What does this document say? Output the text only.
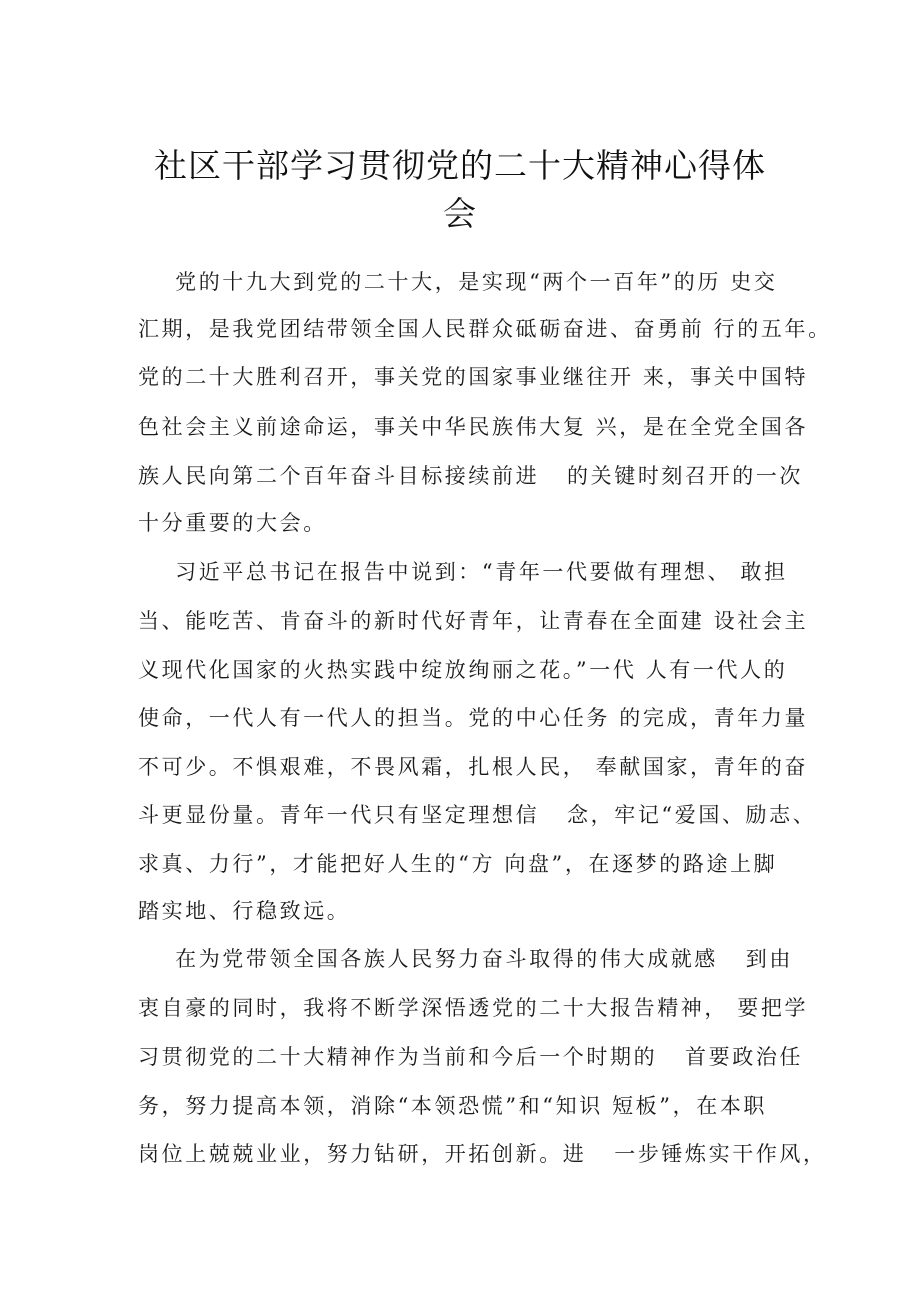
社区干部学习贯彻党的二十大精神心得体
会
党的十九大到党的二十大，是实现“两个一百年”的历 史交
汇期，是我党团结带领全国人民群众砥砺奋进、奋勇前 行的五年。
党的二十大胜利召开，事关党的国家事业继往开 来，事关中国特
色社会主义前途命运，事关中华民族伟大复 兴，是在全党全国各
族人民向第二个百年奋斗目标接续前进   的关键时刻召开的一次
十分重要的大会。
习近平总书记在报告中说到：“青年一代要做有理想、 敢担
当、能吃苦、肯奋斗的新时代好青年，让青春在全面建 设社会主
义现代化国家的火热实践中绽放绚丽之花。”一代 人有一代人的
使命，一代人有一代人的担当。党的中心任务 的完成，青年力量
不可少。不惧艰难，不畏风霜，扎根人民， 奉献国家，青年的奋
斗更显份量。青年一代只有坚定理想信   念，牢记“爱国、励志、
求真、力行”，才能把好人生的“方 向盘”，在逐梦的路途上脚
踏实地、行稳致远。
在为党带领全国各族人民努力奋斗取得的伟大成就感   到由
衷自豪的同时，我将不断学深悟透党的二十大报告精神， 要把学
习贯彻党的二十大精神作为当前和今后一个时期的   首要政治任
务，努力提高本领，消除“本领恐慌”和“知识 短板”，在本职
岗位上兢兢业业，努力钻研，开拓创新。进   一步锤炼实干作风，
